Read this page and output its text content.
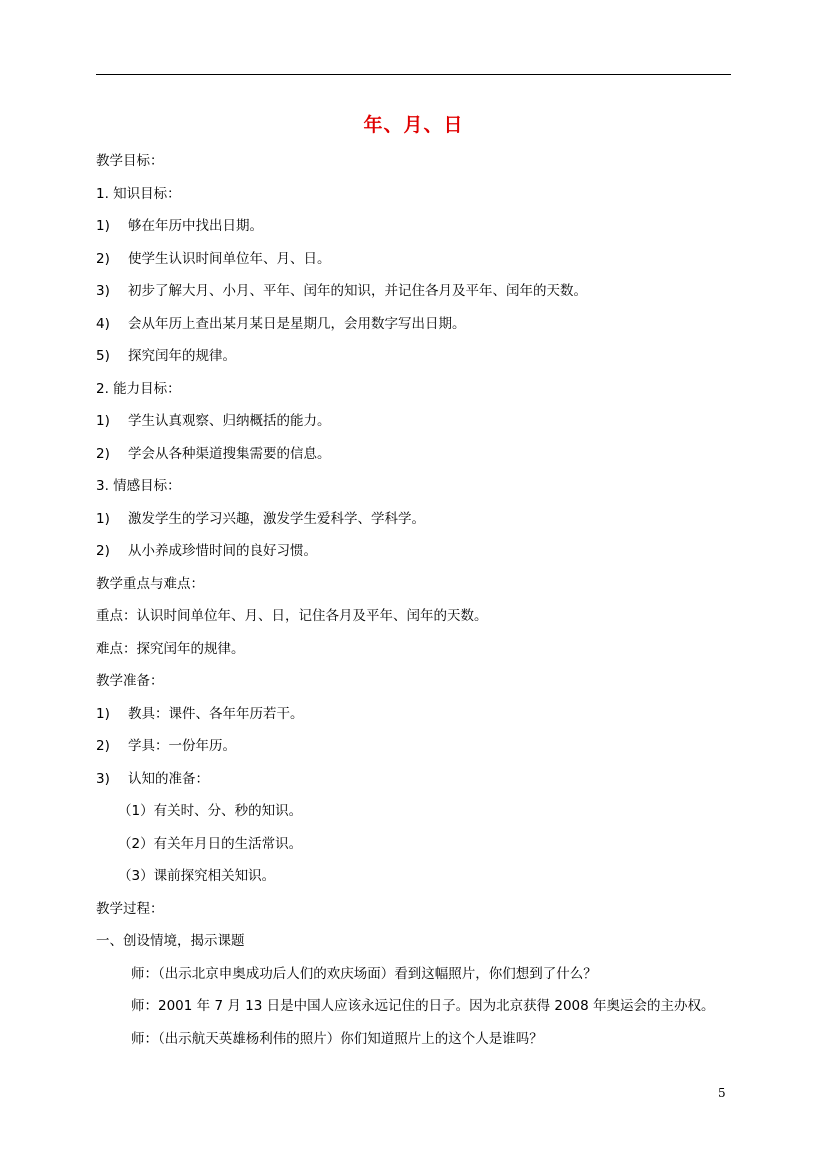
年、月、日
教学目标：
1. 知识目标：
1) 够在年历中找出日期。
2) 使学生认识时间单位年、月、日。
3) 初步了解大月、小月、平年、闰年的知识，并记住各月及平年、闰年的天数。
4) 会从年历上查出某月某日是星期几，会用数字写出日期。
5) 探究闰年的规律。
2. 能力目标：
1) 学生认真观察、归纳概括的能力。
2) 学会从各种渠道搜集需要的信息。
3. 情感目标：
1) 激发学生的学习兴趣，激发学生爱科学、学科学。
2) 从小养成珍惜时间的良好习惯。
教学重点与难点：
重点：认识时间单位年、月、日，记住各月及平年、闰年的天数。
难点：探究闰年的规律。
教学准备：
1) 教具：课件、各年年历若干。
2) 学具：一份年历。
3) 认知的准备：
（1）有关时、分、秒的知识。
（2）有关年月日的生活常识。
（3）课前探究相关知识。
教学过程：
一、创设情境，揭示课题
师：（出示北京申奥成功后人们的欢庆场面）看到这幅照片，你们想到了什么？
师：2001 年 7 月 13 日是中国人应该永远记住的日子。因为北京获得 2008 年奥运会的主办权。
师：（出示航天英雄杨利伟的照片）你们知道照片上的这个人是谁吗？
5
